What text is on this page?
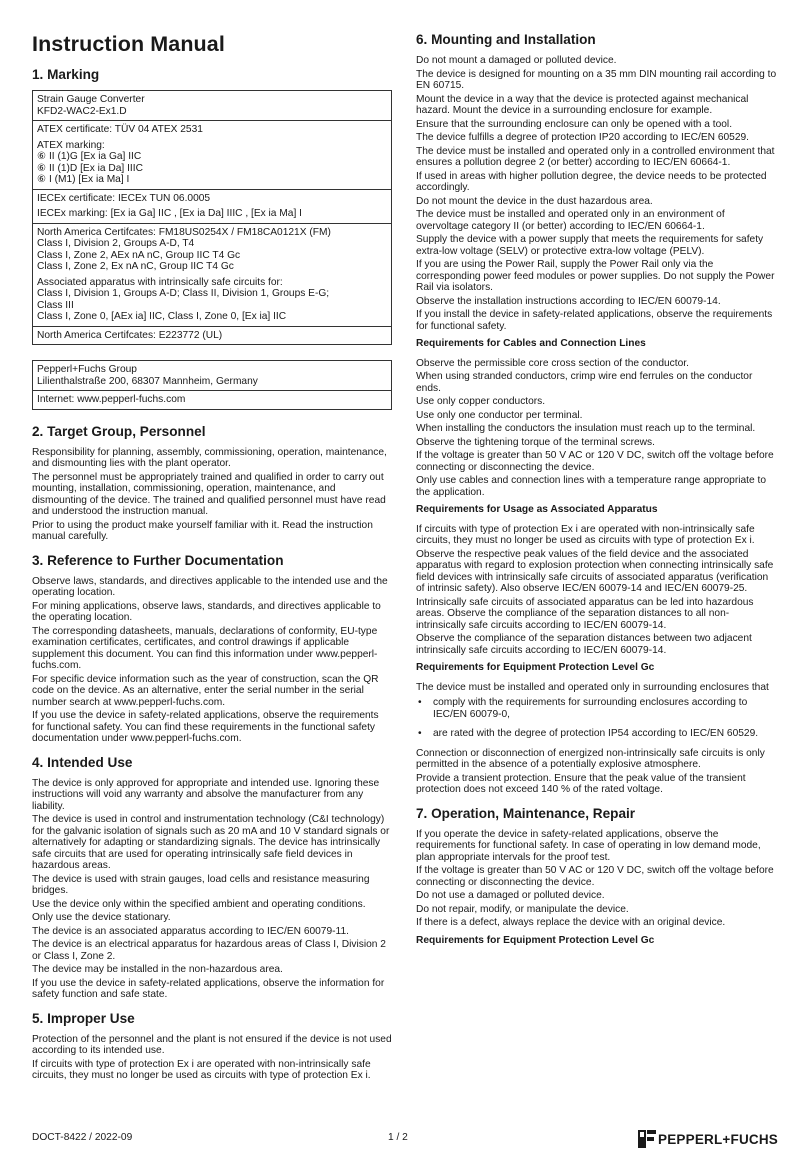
Instruction Manual
1. Marking

Strain Gauge Converter

KFD2-WAC2-Ex1.D

ATEX certificate: TÜV 04 ATEX 2531

ATEX marking:

⑥ II (1)G [Ex ia Ga] IIC

⑥ II (1)D [Ex ia Da] IIIC

⑥ I (M1) [Ex ia Ma] I

IECEx certificate: IECEx TUN 06.0005

IECEx marking: [Ex ia Ga] IIC , [Ex ia Da] IIIC , [Ex ia Ma] I

North America Certifcates: FM18US0254X / FM18CA0121X (FM)

Class I, Division 2, Groups A-D, T4

Class I, Zone 2, AEx nA nC, Group IIC T4 Gc

Class I, Zone 2, Ex nA nC, Group IIC T4 Gc

Associated apparatus with intrinsically safe circuits for:

Class I, Division 1, Groups A-D; Class II, Division 1, Groups E-G;

Class III

Class I, Zone 0, [AEx ia] IIC, Class I, Zone 0, [Ex ia] IIC

North America Certifcates: E223772 (UL)

Pepperl+Fuchs Group

Lilienthalstraße 200, 68307 Mannheim, Germany

Internet: www.pepperl-fuchs.com

2. Target Group, Personnel

Responsibility for planning, assembly, commissioning, operation, maintenance, and dismounting lies with the plant operator.

The personnel must be appropriately trained and qualified in order to carry out mounting, installation, commissioning, operation, maintenance, and dismounting of the device. The trained and qualified personnel must have read and understood the instruction manual.

Prior to using the product make yourself familiar with it. Read the instruction manual carefully.

3. Reference to Further Documentation

Observe laws, standards, and directives applicable to the intended use and the operating location.

For mining applications, observe laws, standards, and directives applicable to the operating location.

The corresponding datasheets, manuals, declarations of conformity, EU-type examination certificates, certificates, and control drawings if applicable supplement this document. You can find this information under www.pepperl-fuchs.com.

For specific device information such as the year of construction, scan the QR code on the device. As an alternative, enter the serial number in the serial number search at www.pepperl-fuchs.com.

If you use the device in safety-related applications, observe the requirements for functional safety. You can find these requirements in the functional safety documentation under www.pepperl-fuchs.com.

4. Intended Use

The device is only approved for appropriate and intended use. Ignoring these instructions will void any warranty and absolve the manufacturer from any liability.

The device is used in control and instrumentation technology (C&I technology) for the galvanic isolation of signals such as 20 mA and 10 V standard signals or alternatively for adapting or standardizing signals. The device has intrinsically safe circuits that are used for operating intrinsically safe field devices in hazardous areas.

The device is used with strain gauges, load cells and resistance measuring bridges.

Use the device only within the specified ambient and operating conditions.

Only use the device stationary.

The device is an associated apparatus according to IEC/EN 60079-11.

The device is an electrical apparatus for hazardous areas of Class I, Division 2 or Class I, Zone 2.

The device may be installed in the non-hazardous area.

If you use the device in safety-related applications, observe the information for safety function and safe state.

5. Improper Use

Protection of the personnel and the plant is not ensured if the device is not used according to its intended use.

If circuits with type of protection Ex i are operated with non-intrinsically safe circuits, they must no longer be used as circuits with type of protection Ex i.

6. Mounting and Installation

Do not mount a damaged or polluted device.

The device is designed for mounting on a 35 mm DIN mounting rail according to EN 60715.

Mount the device in a way that the device is protected against mechanical hazard. Mount the device in a surrounding enclosure for example.

Ensure that the surrounding enclosure can only be opened with a tool.

The device fulfills a degree of protection IP20 according to IEC/EN 60529.

The device must be installed and operated only in a controlled environment that ensures a pollution degree 2 (or better) according to IEC/EN 60664-1.

If used in areas with higher pollution degree, the device needs to be protected accordingly.

Do not mount the device in the dust hazardous area.

The device must be installed and operated only in an environment of overvoltage category II (or better) according to IEC/EN 60664-1.

Supply the device with a power supply that meets the requirements for safety extra-low voltage (SELV) or protective extra-low voltage (PELV).

If you are using the Power Rail, supply the Power Rail only via the corresponding power feed modules or power supplies. Do not supply the Power Rail via isolators.

Observe the installation instructions according to IEC/EN 60079-14.

If you install the device in safety-related applications, observe the requirements for functional safety.

Requirements for Cables and Connection Lines

Observe the permissible core cross section of the conductor.

When using stranded conductors, crimp wire end ferrules on the conductor ends.

Use only copper conductors.

Use only one conductor per terminal.

When installing the conductors the insulation must reach up to the terminal.

Observe the tightening torque of the terminal screws.

If the voltage is greater than 50 V AC or 120 V DC, switch off the voltage before connecting or disconnecting the device.

Only use cables and connection lines with a temperature range appropriate to the application.

Requirements for Usage as Associated Apparatus

If circuits with type of protection Ex i are operated with non-intrinsically safe circuits, they must no longer be used as circuits with type of protection Ex i.

Observe the respective peak values of the field device and the associated apparatus with regard to explosion protection when connecting intrinsically safe field devices with intrinsically safe circuits of associated apparatus (verification of intrinsic safety). Also observe IEC/EN 60079-14 and IEC/EN 60079-25.

Intrinsically safe circuits of associated apparatus can be led into hazardous areas. Observe the compliance of the separation distances to all non-intrinsically safe circuits according to IEC/EN 60079-14.

Observe the compliance of the separation distances between two adjacent intrinsically safe circuits according to IEC/EN 60079-14.

Requirements for Equipment Protection Level Gc

The device must be installed and operated only in surrounding enclosures that

• comply with the requirements for surrounding enclosures according to IEC/EN 60079-0,
• are rated with the degree of protection IP54 according to IEC/EN 60529.

Connection or disconnection of energized non-intrinsically safe circuits is only permitted in the absence of a potentially explosive atmosphere.

Provide a transient protection. Ensure that the peak value of the transient protection does not exceed 140 % of the rated voltage.

7. Operation, Maintenance, Repair

If you operate the device in safety-related applications, observe the requirements for functional safety. In case of operating in low demand mode, plan appropriate intervals for the proof test.

If the voltage is greater than 50 V AC or 120 V DC, switch off the voltage before connecting or disconnecting the device.

Do not use a damaged or polluted device.

Do not repair, modify, or manipulate the device.

If there is a defect, always replace the device with an original device.

Requirements for Equipment Protection Level Gc
DOCT-8422 / 2022-09	1 / 2	PEPPERL+FUCHS
